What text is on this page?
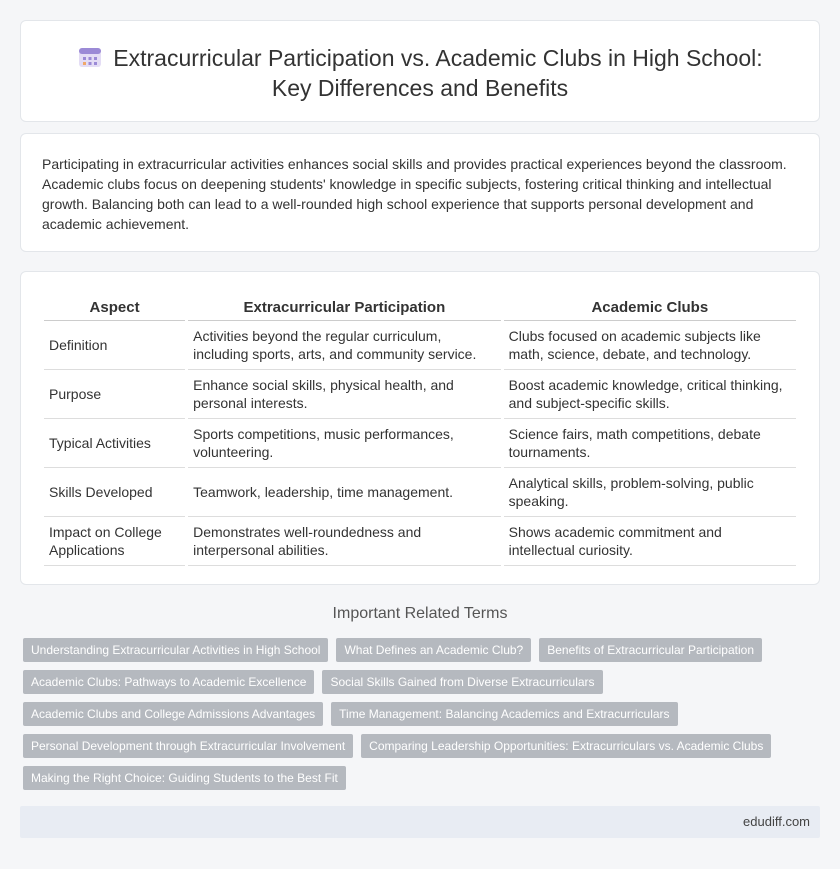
Extracurricular Participation vs. Academic Clubs in High School:
Key Differences and Benefits

Participating in extracurricular activities enhances social skills and provides practical experiences beyond the classroom. Academic clubs focus on deepening students' knowledge in specific subjects, fostering critical thinking and intellectual growth. Balancing both can lead to a well-rounded high school experience that supports personal development and academic achievement.

Aspect	Extracurricular Participation	Academic Clubs
Definition	Activities beyond the regular curriculum, including sports, arts, and community service.	Clubs focused on academic subjects like math, science, debate, and technology.
Purpose	Enhance social skills, physical health, and personal interests.	Boost academic knowledge, critical thinking, and subject-specific skills.
Typical Activities	Sports competitions, music performances, volunteering.	Science fairs, math competitions, debate tournaments.
Skills Developed	Teamwork, leadership, time management.	Analytical skills, problem-solving, public speaking.
Impact on College Applications	Demonstrates well-roundedness and interpersonal abilities.	Shows academic commitment and intellectual curiosity.
Important Related Terms
Understanding Extracurricular Activities in High School What Defines an Academic Club? Benefits of Extracurricular Participation
Academic Clubs: Pathways to Academic Excellence Social Skills Gained from Diverse Extracurriculars
Academic Clubs and College Admissions Advantages Time Management: Balancing Academics and Extracurriculars
Personal Development through Extracurricular Involvement Comparing Leadership Opportunities: Extracurriculars vs. Academic Clubs
Making the Right Choice: Guiding Students to the Best Fit
edudiff.com
